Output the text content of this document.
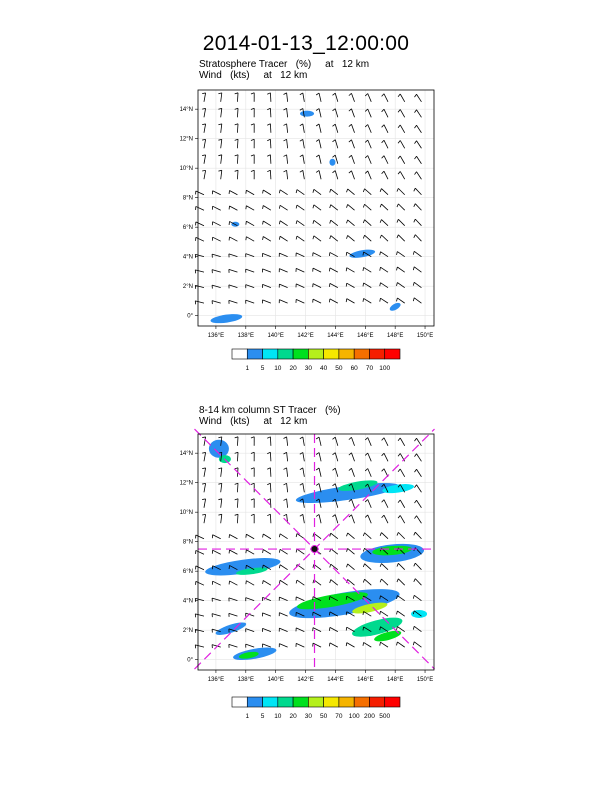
2014-01-13_12:00:00
Stratosphere Tracer   (%)     at   12 km
Wind   (kts)     at   12 km
136°E 138°E 140°E 142°E 144°E 146°E 148°E 150°E
0°
2°N
4°N
6°N
8°N
10°N
12°N
14°N
1 5 10 20 30 40 50 60 70 100
8-14 km column ST Tracer   (%)
Wind   (kts)     at   12 km
136°E 138°E 140°E 142°E 144°E 146°E 148°E 150°E
0°
2°N
4°N
6°N
8°N
10°N
12°N
14°N
1 5 10 20 30 50 70 100 200 500
